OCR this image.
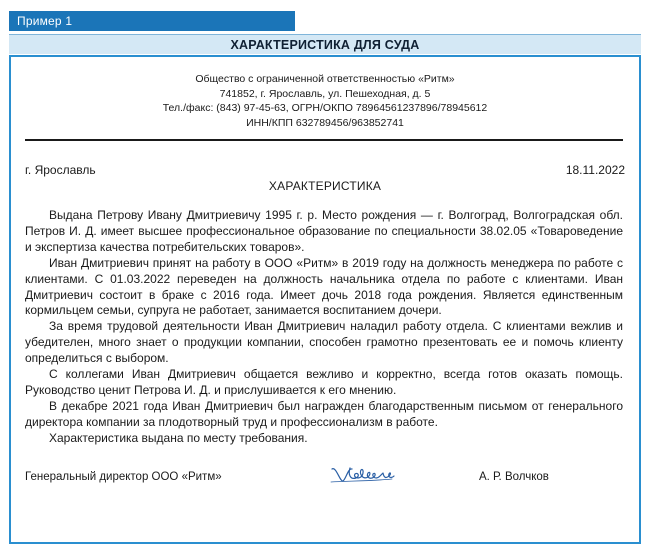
Пример 1
ХАРАКТЕРИСТИКА ДЛЯ СУДА
Общество с ограниченной ответственностью «Ритм»
741852, г. Ярославль, ул. Пешеходная, д. 5
Тел./факс: (843) 97-45-63, ОГРН/ОКПО 78964561237896/78945612
ИНН/КПП 632789456/963852741
г. Ярославль	18.11.2022
ХАРАКТЕРИСТИКА

Выдана Петрову Ивану Дмитриевичу 1995 г. р. Место рождения — г. Волгоград, Волгоградская обл. Петров И. Д. имеет высшее профессиональное образование по специальности 38.02.05 «Товароведение и экспертиза качества потребительских товаров».

Иван Дмитриевич принят на работу в ООО «Ритм» в 2019 году на должность менеджера по работе с клиентами. С 01.03.2022 переведен на должность начальника отдела по работе с клиентами. Иван Дмитриевич состоит в браке с 2016 года. Имеет дочь 2018 года рождения. Является единственным кормильцем семьи, супруга не работает, занимается воспитанием дочери.

За время трудовой деятельности Иван Дмитриевич наладил работу отдела. С клиентами вежлив и убедителен, много знает о продукции компании, способен грамотно презентовать ее и помочь клиенту определиться с выбором.

С коллегами Иван Дмитриевич общается вежливо и корректно, всегда готов оказать помощь. Руководство ценит Петрова И. Д. и прислушивается к его мнению.

В декабре 2021 года Иван Дмитриевич был награжден благодарственным письмом от генерального директора компании за плодотворный труд и профессионализм в работе.

Характеристика выдана по месту требования.

Генеральный директор ООО «Ритм»	А. Р. Волчков
